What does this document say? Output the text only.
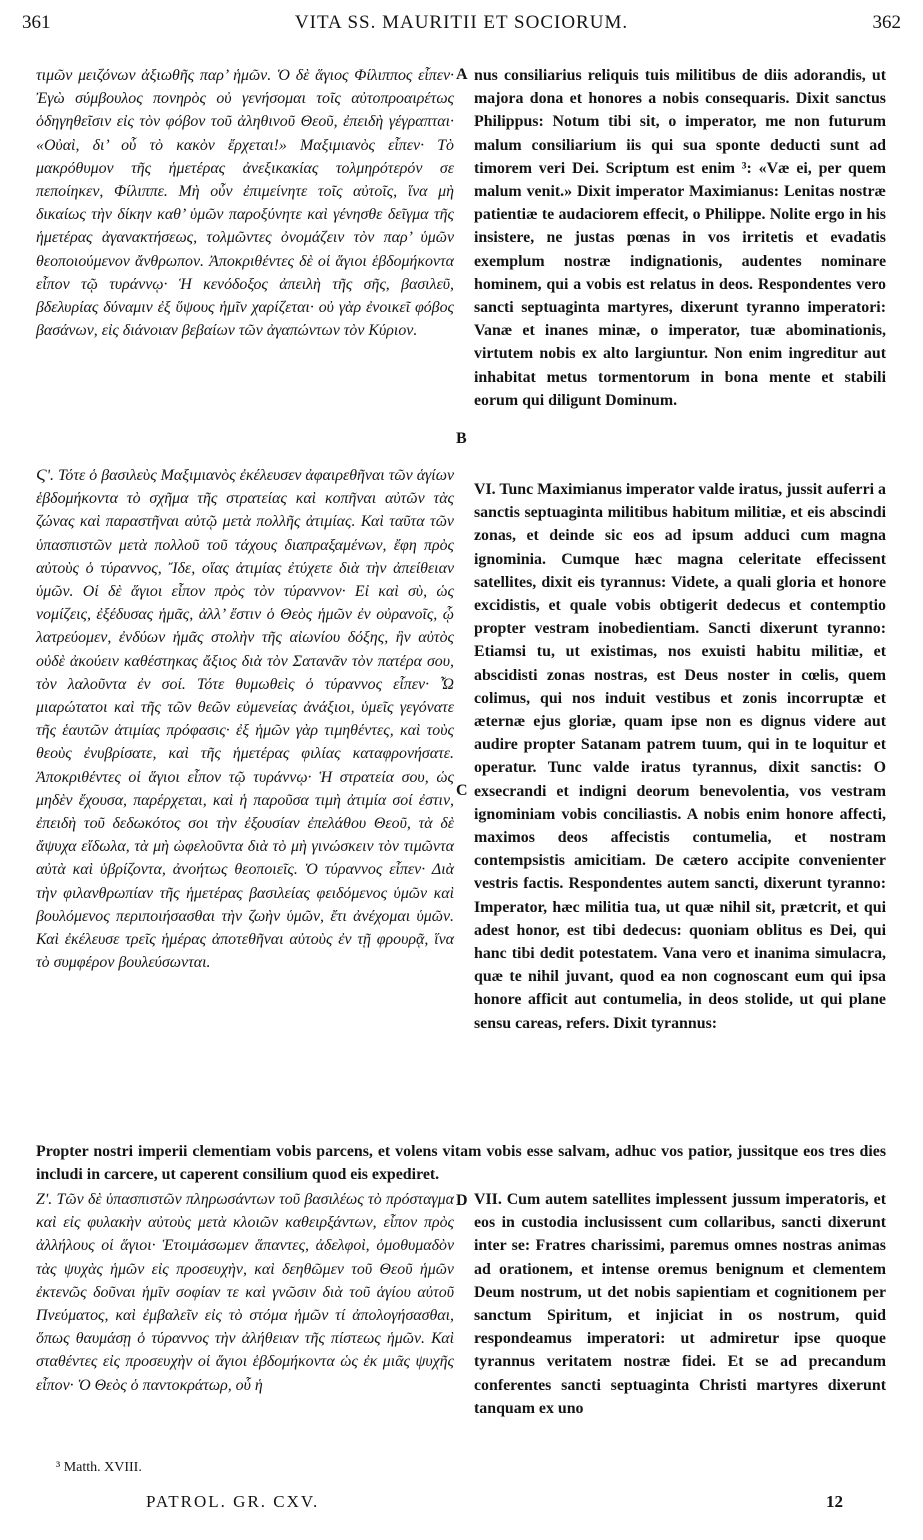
361	VITA SS. MAURITII ET SOCIORUM.	362

τιμῶν μειζόνων ἀξιωθῆς παρ’ ἡμῶν. Ὁ δὲ ἅγιος Φίλιππος εἶπεν· Ἐγὼ σύμβουλος πονηρὸς οὐ γενήσομαι τοῖς αὐτοπροαιρέτως ὁδηγηθεῖσιν εἰς τὸν φόβον τοῦ ἀληθινοῦ Θεοῦ, ἐπειδὴ γέγραπται· «Οὐαὶ, δι’ οὗ τὸ κακὸν ἔρχεται!» Μαξιμιανὸς εἶπεν· Τὸ μακρόθυμον τῆς ἡμετέρας ἀνεξικακίας τολμηρότερόν σε πεποίηκεν, Φίλιππε. Μὴ οὖν ἐπιμείνητε τοῖς αὐτοῖς, ἵνα μὴ δικαίως τὴν δίκην καθ’ ὑμῶν παροξύνητε καὶ γένησθε δεῖγμα τῆς ἡμετέρας ἀγανακτήσεως, τολμῶντες ὀνομάζειν τὸν παρ’ ὑμῶν θεοποιούμενον ἄνθρωπον. Ἀποκριθέντες δὲ οἱ ἅγιοι ἑβδομήκοντα εἶπον τῷ τυράννῳ· Ἡ κενόδοξος ἀπειλὴ τῆς σῆς, βασιλεῦ, βδελυρίας δύναμιν ἐξ ὕψους ἡμῖν χαρίζεται· οὐ γὰρ ἐνοικεῖ φόβος βασάνων, εἰς διάνοιαν βεβαίων τῶν ἀγαπώντων τὸν Κύριον.

nus consiliarius reliquis tuis militibus de diis adorandis, ut majora dona et honores a nobis consequaris. Dixit sanctus Philippus: Notum tibi sit, o imperator, me non futurum malum consiliarium iis qui sua sponte deducti sunt ad timorem veri Dei. Scriptum est enim ³: «Væ ei, per quem malum venit.» Dixit imperator Maximianus: Lenitas nostræ patientiæ te audaciorem effecit, o Philippe. Nolite ergo in his insistere, ne justas pœnas in vos irritetis et evadatis exemplum nostræ indignationis, audentes nominare hominem, qui a vobis est relatus in deos. Respondentes vero sancti septuaginta martyres, dixerunt tyranno imperatori: Vanæ et inanes minæ, o imperator, tuæ abominationis, virtutem nobis ex alto largiuntur. Non enim ingreditur aut inhabitat metus tormentorum in bona mente et stabili eorum qui diligunt Dominum.

Ϛʹ. Τότε ὁ βασιλεὺς Μαξιμιανὸς ἐκέλευσεν ἀφαιρεθῆναι τῶν ἁγίων ἑβδομήκοντα τὸ σχῆμα τῆς στρατείας καὶ κοπῆναι αὐτῶν τὰς ζώνας καὶ παραστῆναι αὐτῷ μετὰ πολλῆς ἀτιμίας. Καὶ ταῦτα τῶν ὑπασπιστῶν μετὰ πολλοῦ τοῦ τάχους διαπραξαμένων, ἔφη πρὸς αὐτοὺς ὁ τύραννος, Ἴδε, οἵας ἀτιμίας ἐτύχετε διὰ τὴν ἀπείθειαν ὑμῶν. Οἱ δὲ ἅγιοι εἶπον πρὸς τὸν τύραννον· Εἰ καὶ σὺ, ὡς νομίζεις, ἐξέδυσας ἡμᾶς, ἀλλ’ ἔστιν ὁ Θεὸς ἡμῶν ἐν οὐρανοῖς, ᾧ λατρεύομεν, ἐνδύων ἡμᾶς στολὴν τῆς αἰωνίου δόξης, ἣν αὐτὸς οὐδὲ ἀκούειν καθέστηκας ἄξιος διὰ τὸν Σατανᾶν τὸν πατέρα σου, τὸν λαλοῦντα ἐν σοί. Τότε θυμωθεὶς ὁ τύραννος εἶπεν· Ὦ μιαρώτατοι καὶ τῆς τῶν θεῶν εὐμενείας ἀνάξιοι, ὑμεῖς γεγόνατε τῆς ἑαυτῶν ἀτιμίας πρόφασις· ἐξ ἡμῶν γὰρ τιμηθέντες, καὶ τοὺς θεοὺς ἐνυβρίσατε, καὶ τῆς ἡμετέρας φιλίας καταφρονήσατε. Ἀποκριθέντες οἱ ἅγιοι εἶπον τῷ τυράννῳ· Ἡ στρατεία σου, ὡς μηδὲν ἔχουσα, παρέρχεται, καὶ ἡ παροῦσα τιμὴ ἀτιμία σοί ἐστιν, ἐπειδὴ τοῦ δεδωκότος σοι τὴν ἐξουσίαν ἐπελάθου Θεοῦ, τὰ δὲ ἄψυχα εἴδωλα, τὰ μὴ ὠφελοῦντα διὰ τὸ μὴ γινώσκειν τὸν τιμῶντα αὐτὰ καὶ ὑβρίζοντα, ἀνοήτως θεοποιεῖς. Ὁ τύραννος εἶπεν· Διὰ τὴν φιλανθρωπίαν τῆς ἡμετέρας βασιλείας φειδόμενος ὑμῶν καὶ βουλόμενος περιποιήσασθαι τὴν ζωὴν ὑμῶν, ἔτι ἀνέχομαι ὑμῶν. Καὶ ἐκέλευσε τρεῖς ἡμέρας ἀποτεθῆναι αὐτοὺς ἐν τῇ φρουρᾷ, ἵνα τὸ συμφέρον βουλεύσωνται.

VI. Tunc Maximianus imperator valde iratus, jussit auferri a sanctis septuaginta militibus habitum militiæ, et eis abscindi zonas, et deinde sic eos ad ipsum adduci cum magna ignominia. Cumque hæc magna celeritate effecissent satellites, dixit eis tyrannus: Videte, a quali gloria et honore excidistis, et quale vobis obtigerit dedecus et contemptio propter vestram inobedientiam. Sancti dixerunt tyranno: Etiamsi tu, ut existimas, nos exuisti habitu militiæ, et abscidisti zonas nostras, est Deus noster in cœlis, quem colimus, qui nos induit vestibus et zonis incorruptæ et æternæ ejus gloriæ, quam ipse non es dignus videre aut audire propter Satanam patrem tuum, qui in te loquitur et operatur. Tunc valde iratus tyrannus, dixit sanctis: O exsecrandi et indigni deorum benevolentia, vos vestram ignominiam vobis conciliastis. A nobis enim honore affecti, maximos deos affecistis contumelia, et nostram contempsistis amicitiam. De cætero accipite convenienter vestris factis. Respondentes autem sancti, dixerunt tyranno: Imperator, hæc militia tua, ut quæ nihil sit, prætcrit, et qui adest honor, est tibi dedecus: quoniam oblitus es Dei, qui hanc tibi dedit potestatem. Vana vero et inanima simulacra, quæ te nihil juvant, quod ea non cognoscant eum qui ipsa honore afficit aut contumelia, in deos stolide, ut qui plane sensu careas, refers. Dixit tyrannus:

Propter nostri imperii clementiam vobis parcens, et volens vitam vobis esse salvam, adhuc vos patior, jussitque eos tres dies includi in carcere, ut caperent consilium quod eis expediret.

Ζʹ. Τῶν δὲ ὑπασπιστῶν πληρωσάντων τοῦ βασιλέως τὸ πρόσταγμα καὶ εἰς φυλακὴν αὐτοὺς μετὰ κλοιῶν καθειρξάντων, εἶπον πρὸς ἀλλήλους οἱ ἅγιοι· Ἑτοιμάσωμεν ἅπαντες, ἀδελφοὶ, ὁμοθυμαδὸν τὰς ψυχὰς ἡμῶν εἰς προσευχὴν, καὶ δεηθῶμεν τοῦ Θεοῦ ἡμῶν ἐκτενῶς δοῦναι ἡμῖν σοφίαν τε καὶ γνῶσιν διὰ τοῦ ἁγίου αὐτοῦ Πνεύματος, καὶ ἐμβαλεῖν εἰς τὸ στόμα ἡμῶν τί ἀπολογήσασθαι, ὅπως θαυμάσῃ ὁ τύραννος τὴν ἀλήθειαν τῆς πίστεως ἡμῶν. Καὶ σταθέντες εἰς προσευχὴν οἱ ἅγιοι ἑβδομήκοντα ὡς ἐκ μιᾶς ψυχῆς εἶπον· Ὁ Θεὸς ὁ παντοκράτωρ, οὗ ἡ

VII. Cum autem satellites implessent jussum imperatoris, et eos in custodia inclusissent cum collaribus, sancti dixerunt inter se: Fratres charissimi, paremus omnes nostras animas ad orationem, et intense oremus benignum et clementem Deum nostrum, ut det nobis sapientiam et cognitionem per sanctum Spiritum, et injiciat in os nostrum, quid respondeamus imperatori: ut admiretur ipse quoque tyrannus veritatem nostræ fidei. Et se ad precandum conferentes sancti septuaginta Christi martyres dixerunt tanquam ex uno

A
B
C
D
³ Matth. XVIII.
PATROL. GR. CXV.	12
